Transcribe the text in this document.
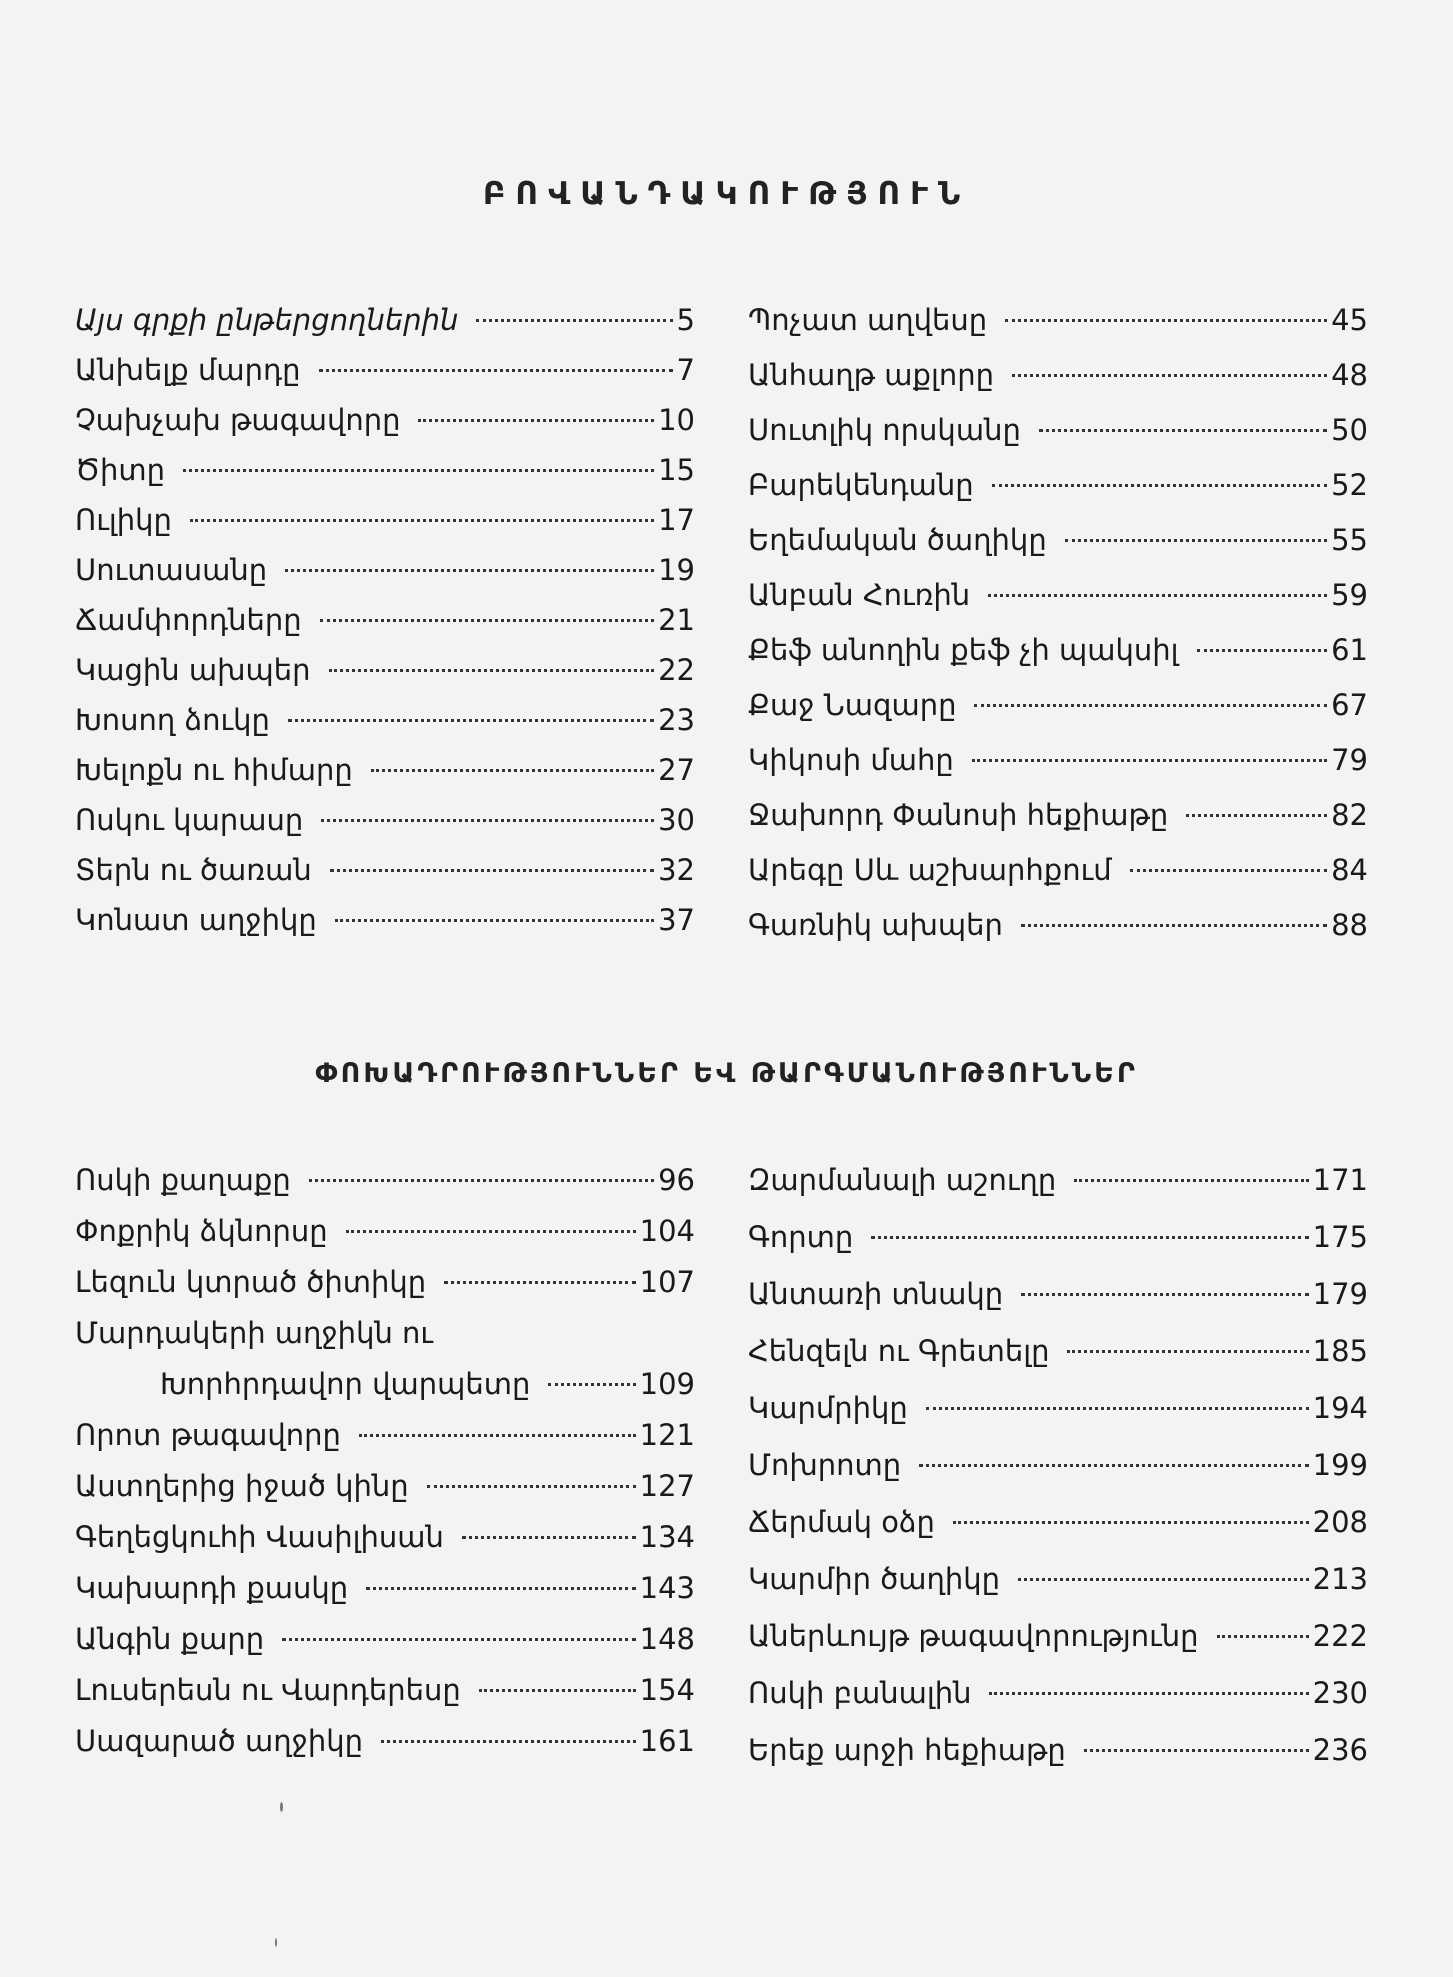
ԲՈՎԱՆԴԱԿՈՒԹՅՈՒՆ
Այս գրքի ընթերցողներին	5
Անխելք մարդը	7
Չախչախ թագավորը	10
Ծիտը	15
Ուլիկը	17
Սուտասանը	19
Ճամփորդները	21
Կացին ախպեր	22
Խոսող ձուկը	23
Խելոքն ու հիմարը	27
Ոսկու կարասը	30
Տերն ու ծառան	32
Կոնատ աղջիկը	37
Պոչատ աղվեսը	45
Անհաղթ աքլորը	48
Սուտլիկ որսկանը	50
Բարեկենդանը	52
Եղեմական ծաղիկը	55
Անբան Հուռին	59
Քեֆ անողին քեֆ չի պակսիլ	61
Քաջ Նազարը	67
Կիկոսի մահը	79
Ջախորդ Փանոսի հեքիաթը	82
Արեգը Սև աշխարհքում	84
Գառնիկ ախպեր	88
ՓՈԽԱԴՐՈՒԹՅՈՒՆՆԵՐ ԵՎ ԹԱՐԳՄԱՆՈՒԹՅՈՒՆՆԵՐ
Ոսկի քաղաքը	96
Փոքրիկ ձկնորսը	104
Լեզուն կտրած ծիտիկը	107
Մարդակերի աղջիկն ու
Խորհրդավոր վարպետը	109
Որոտ թագավորը	121
Աստղերից իջած կինը	127
Գեղեցկուհի Վասիլիսան	134
Կախարդի քասկը	143
Անգին քարը	148
Լուսերեսն ու Վարդերեսը	154
Սազարած աղջիկը	161
Զարմանալի աշուղը	171
Գորտը	175
Անտառի տնակը	179
Հենզելն ու Գրետելը	185
Կարմրիկը	194
Մոխրոտը	199
Ճերմակ օձը	208
Կարմիր ծաղիկը	213
Աներևույթ թագավորությունը	222
Ոսկի բանալին	230
Երեք արջի հեքիաթը	236
